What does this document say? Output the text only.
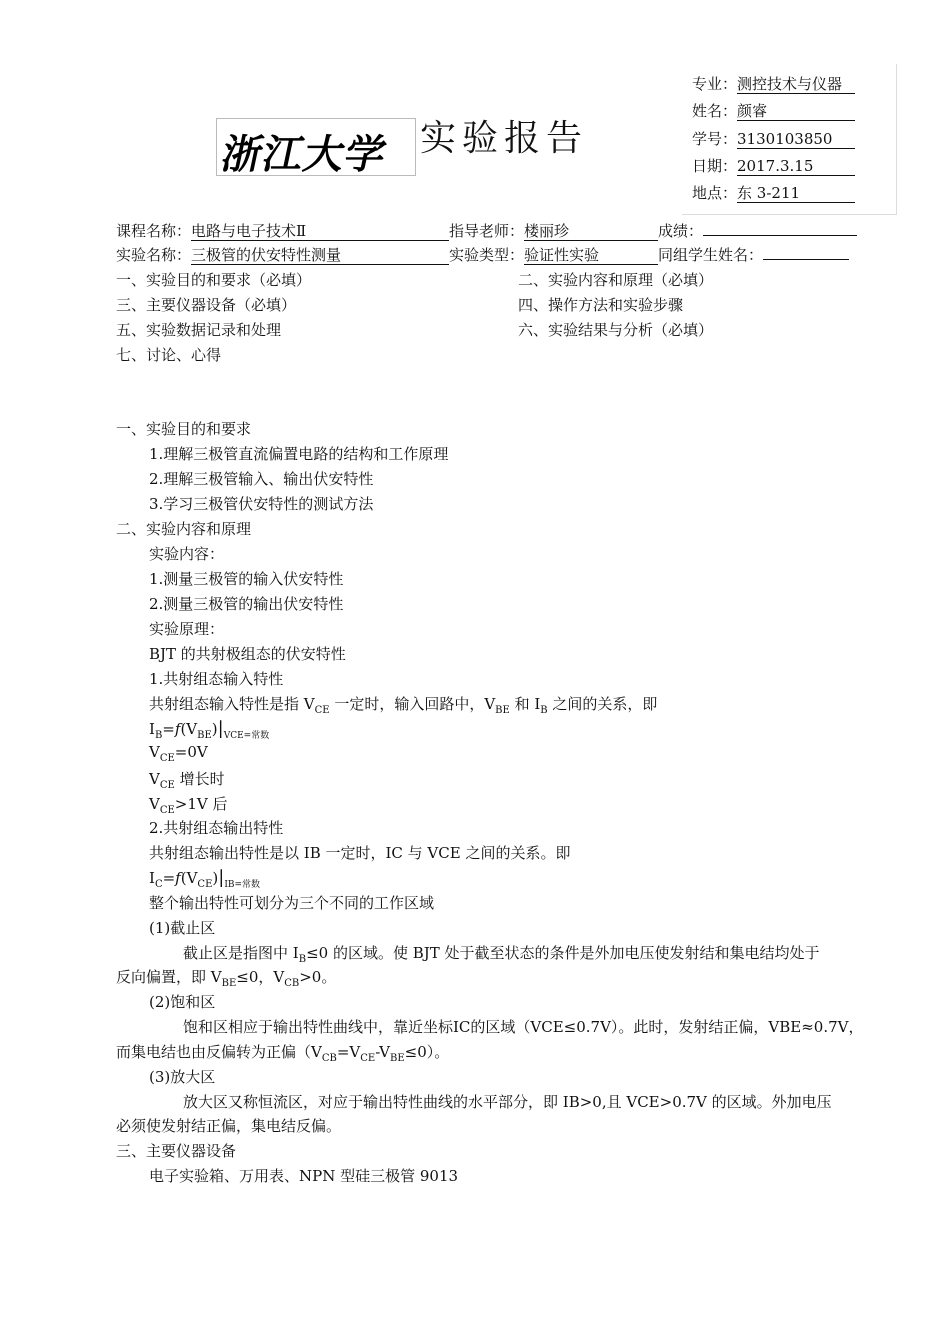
浙江大学 实验报告
专业：测控技术与仪器
姓名：颜睿
学号：3130103850
日期：2017.3.15
地点：东 3-211
课程名称：电路与电子技术Ⅱ	指导老师：楼丽珍	成绩：
实验名称：三极管的伏安特性测量	实验类型：验证性实验	同组学生姓名：
一、实验目的和要求（必填）	二、实验内容和原理（必填）
三、主要仪器设备（必填）	四、操作方法和实验步骤
五、实验数据记录和处理	六、实验结果与分析（必填）
七、讨论、心得
一、实验目的和要求
1.理解三极管直流偏置电路的结构和工作原理
2.理解三极管输入、输出伏安特性
3.学习三极管伏安特性的测试方法
二、实验内容和原理
实验内容：
1.测量三极管的输入伏安特性
2.测量三极管的输出伏安特性
实验原理：
BJT 的共射极组态的伏安特性
1.共射组态输入特性
共射组态输入特性是指 $V_{CE}$ 一定时，输入回路中，$V_{BE}$ 和 $I_B$ 之间的关系，即
$I_B=f(V_{BE})|_{VCE=常数}$
$V_{CE}=0V$
$V_{CE}$ 增长时
$V_{CE}>1V$ 后
2.共射组态输出特性
共射组态输出特性是以 IB 一定时，IC 与 VCE 之间的关系。即
$I_C=f(V_{CE})|_{IB=常数}$
整个输出特性可划分为三个不同的工作区域
(1)截止区
截止区是指图中 $I_B\le 0$ 的区域。使 BJT 处于截至状态的条件是外加电压使发射结和集电结均处于
反向偏置，即 $V_{BE}\le 0$，$V_{CB}>0$。
(2)饱和区
饱和区相应于输出特性曲线中，靠近坐标IC的区域（VCE≤0.7V）。此时，发射结正偏，VBE≈0.7V，
而集电结也由反偏转为正偏$(V_{CB}=V_{CE}-V_{BE}\le 0)$。
(3)放大区
放大区又称恒流区，对应于输出特性曲线的水平部分，即 IB>0,且 VCE>0.7V 的区域。外加电压
必须使发射结正偏，集电结反偏。
三、主要仪器设备
电子实验箱、万用表、NPN 型硅三极管 9013
